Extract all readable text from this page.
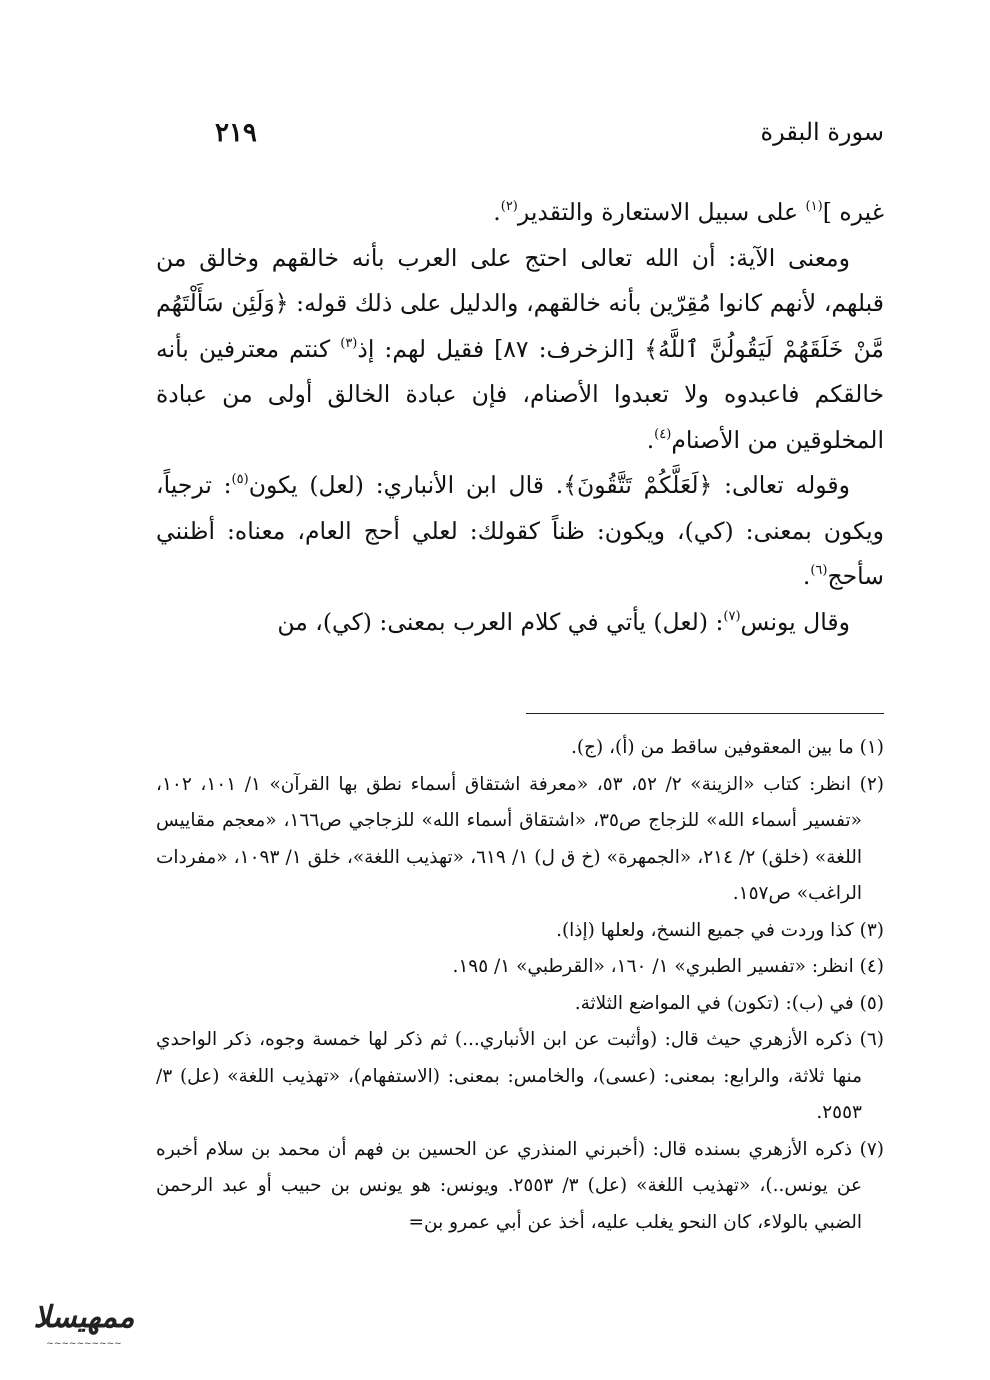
سورة البقرة
٢١٩

غيره ]$^{(١)}$ على سبيل الاستعارة والتقدير$^{(٢)}$.

ومعنى الآية: أن الله تعالى احتج على العرب بأنه خالقهم وخالق من قبلهم، لأنهم كانوا مُقِرّين بأنه خالقهم، والدليل على ذلك قوله: ﴿وَلَئِن سَأَلْتَهُم مَّنْ خَلَقَهُمْ لَيَقُولُنَّ ٱللَّهُ﴾ [الزخرف: ٨٧] فقيل لهم: إذ$^{(٣)}$ كنتم معترفين بأنه خالقكم فاعبدوه ولا تعبدوا الأصنام، فإن عبادة الخالق أولى من عبادة المخلوقين من الأصنام$^{(٤)}$.

وقوله تعالى: ﴿لَعَلَّكُمْ تَتَّقُونَ﴾. قال ابن الأنباري: (لعل) يكون$^{(٥)}$: ترجياً، ويكون بمعنى: (كي)، ويكون: ظناً كقولك: لعلي أحج العام، معناه: أظنني سأحج$^{(٦)}$.

وقال يونس$^{(٧)}$: (لعل) يأتي في كلام العرب بمعنى: (كي)، من

(١) ما بين المعقوفين ساقط من (أ)، (ج).

(٢) انظر: كتاب «الزينة» ٢/ ٥٢، ٥٣، «معرفة اشتقاق أسماء نطق بها القرآن» ١/ ١٠١، ١٠٢، «تفسير أسماء الله» للزجاج ص٣٥، «اشتقاق أسماء الله» للزجاجي ص١٦٦، «معجم مقاييس اللغة» (خلق) ٢/ ٢١٤، «الجمهرة» (خ ق ل) ١/ ٦١٩، «تهذيب اللغة»، خلق ١/ ١٠٩٣، «مفردات الراغب» ص١٥٧.

(٣) كذا وردت في جميع النسخ، ولعلها (إذا).

(٤) انظر: «تفسير الطبري» ١/ ١٦٠، «القرطبي» ١/ ١٩٥.

(٥) في (ب): (تكون) في المواضع الثلاثة.

(٦) ذكره الأزهري حيث قال: (وأثبت عن ابن الأنباري...) ثم ذكر لها خمسة وجوه، ذكر الواحدي منها ثلاثة، والرابع: بمعنى: (عسى)، والخامس: بمعنى: (الاستفهام)، «تهذيب اللغة» (عل) ٣/ ٢٥٥٣.

(٧) ذكره الأزهري بسنده قال: (أخبرني المنذري عن الحسين بن فهم أن محمد بن سلام أخبره عن يونس..)، «تهذيب اللغة» (عل) ٣/ ٢٥٥٣. ويونس: هو يونس بن حبيب أو عبد الرحمن الضبي بالولاء، كان النحو يغلب عليه، أخذ عن أبي عمرو بن=

ﻣﻤﻬﻴﺴﻠﺎ
~~~~~~~~~~
